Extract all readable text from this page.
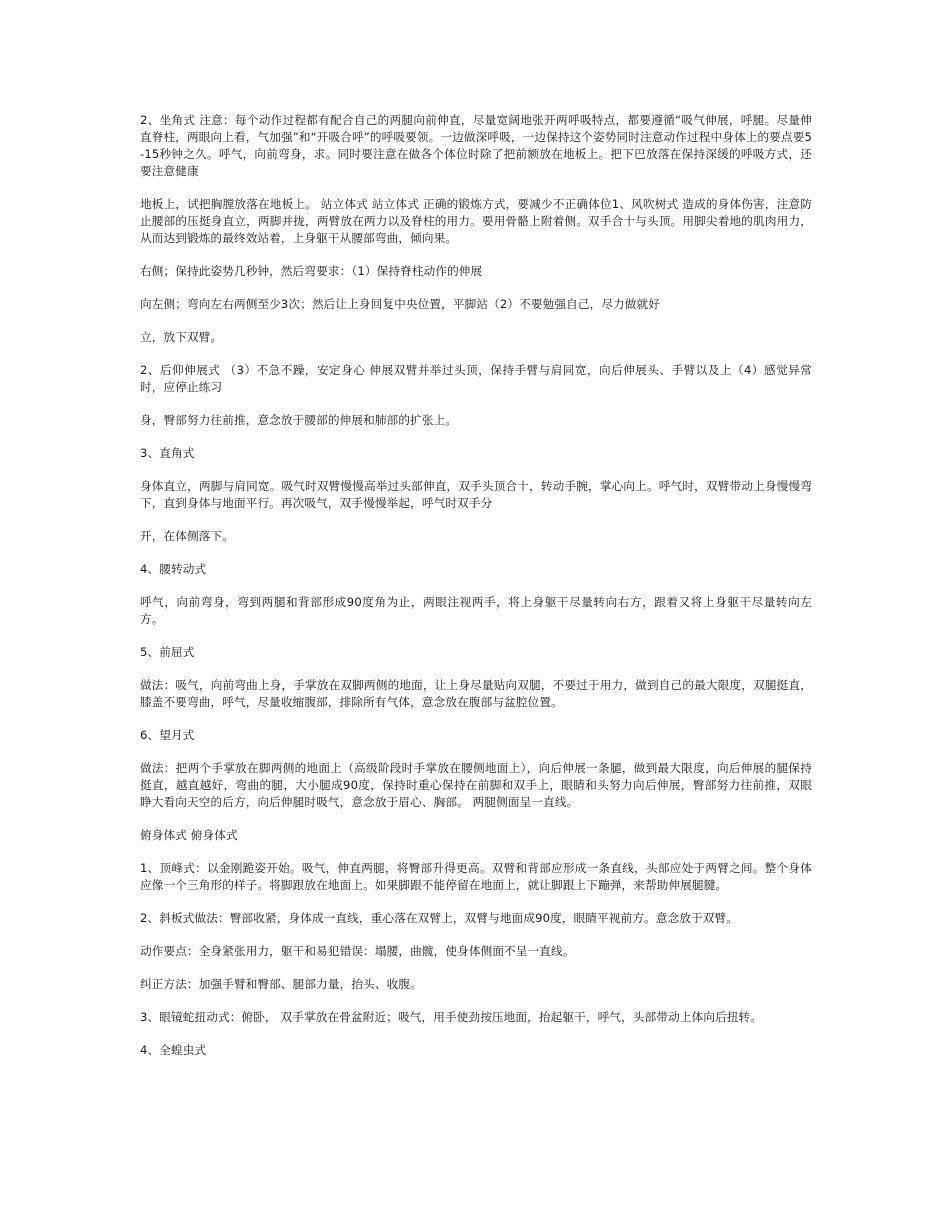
2、坐角式 注意：每个动作过程都有配合自己的两腿向前伸直，尽量宽阔地张开两呼吸特点，都要遵循“吸气伸展，呼腿。尽量伸直脊柱，两眼向上看，气加强”和“开吸合呼”的呼吸要领。一边做深呼吸，一边保持这个姿势同时注意动作过程中身体上的要点要5-15秒钟之久。呼气，向前弯身，求。同时要注意在做各个体位时除了把前额放在地板上。把下巴放落在保持深缓的呼吸方式，还要注意健康

地板上，试把胸膛放落在地板上。 站立体式 站立体式 正确的锻炼方式，要减少不正确体位1、风吹树式 造成的身体伤害，注意防止腰部的压挺身直立，两脚并拢，两臂放在两力以及脊柱的用力。要用骨骼上附着侧。双手合十与头顶。用脚尖着地的肌肉用力，从而达到锻炼的最终效站着，上身躯干从腰部弯曲，倾向果。

右侧；保持此姿势几秒钟，然后弯要求：（1）保持脊柱动作的伸展

向左侧；弯向左右两侧至少3次；然后让上身回复中央位置，平脚站（2）不要勉强自己，尽力做就好

立，放下双臂。

2、后仰伸展式 （3）不急不躁，安定身心 伸展双臂并举过头顶，保持手臂与肩同宽，向后伸展头、手臂以及上（4）感觉异常时，应停止练习

身，臀部努力往前推，意念放于腰部的伸展和肺部的扩张上。

3、直角式

身体直立，两脚与肩同宽。吸气时双臂慢慢高举过头部伸直，双手头顶合十，转动手腕，掌心向上。呼气时，双臂带动上身慢慢弯下，直到身体与地面平行。再次吸气，双手慢慢举起，呼气时双手分

开，在体侧落下。

4、腰转动式

呼气，向前弯身，弯到两腿和背部形成90度角为止，两眼注视两手，将上身躯干尽量转向右方，跟着又将上身躯干尽量转向左方。

5、前屈式

做法：吸气，向前弯曲上身，手掌放在双脚两侧的地面，让上身尽量贴向双腿，不要过于用力，做到自己的最大限度，双腿挺直，膝盖不要弯曲，呼气，尽量收缩腹部，排除所有气体，意念放在腹部与盆腔位置。

6、望月式

做法：把两个手掌放在脚两侧的地面上（高级阶段时手掌放在腰侧地面上），向后伸展一条腿，做到最大限度，向后伸展的腿保持挺直，越直越好，弯曲的腿，大小腿成90度，保持时重心保持在前脚和双手上，眼睛和头努力向后伸展，臀部努力往前推，双眼睁大看向天空的后方，向后伸腿时吸气，意念放于眉心、胸部。 两腿侧面呈一直线。

俯身体式 俯身体式

1、顶峰式：以金刚跪姿开始。吸气，伸直两腿，将臀部升得更高。双臂和背部应形成一条直线，头部应处于两臂之间。整个身体应像一个三角形的样子。将脚跟放在地面上。如果脚跟不能停留在地面上，就让脚跟上下蹦弹，来帮助伸展腿腱。

2、斜板式做法：臀部收紧，身体成一直线，重心落在双臂上，双臂与地面成90度，眼睛平视前方。意念放于双臂。

动作要点：全身紧张用力，躯干和易犯错误：塌腰，曲髋，使身体侧面不呈一直线。

纠正方法：加强手臂和臀部、腿部力量，抬头、收腹。

3、眼镜蛇扭动式：俯卧， 双手掌放在骨盆附近；吸气，用手使劲按压地面，抬起躯干，呼气，头部带动上体向后扭转。

4、全蝗虫式
